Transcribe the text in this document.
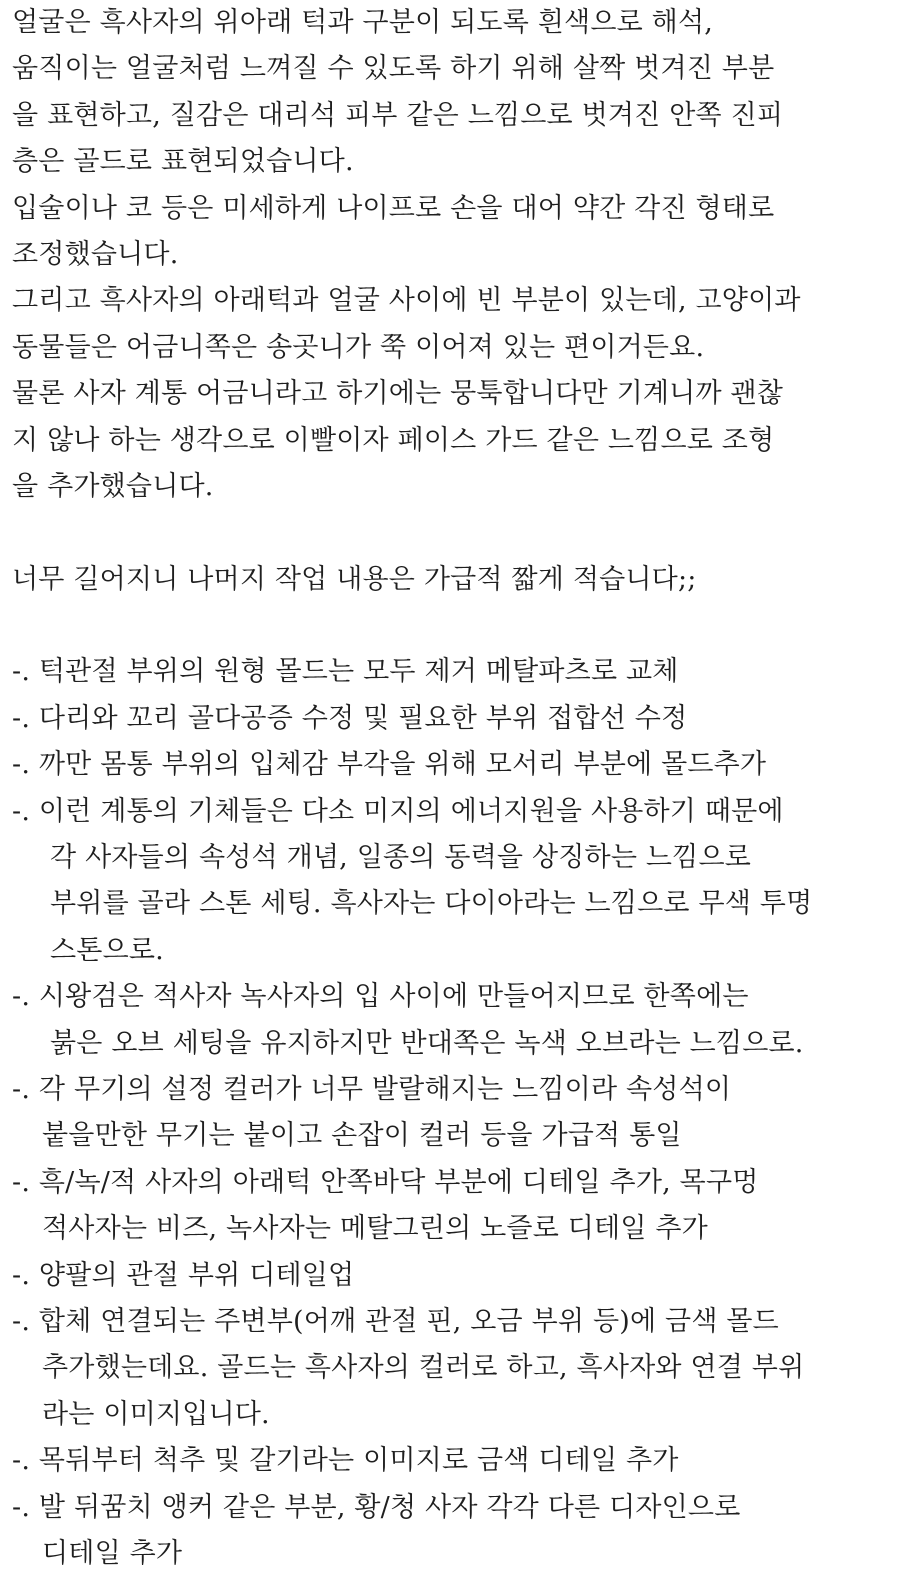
얼굴은 흑사자의 위아래 턱과 구분이 되도록 흰색으로 해석,
움직이는 얼굴처럼 느껴질 수 있도록 하기 위해 살짝 벗겨진 부분
을 표현하고, 질감은 대리석 피부 같은 느낌으로 벗겨진 안쪽 진피
층은 골드로 표현되었습니다.
입술이나 코 등은 미세하게 나이프로 손을 대어 약간 각진 형태로
조정했습니다.
그리고 흑사자의 아래턱과 얼굴 사이에 빈 부분이 있는데, 고양이과
동물들은 어금니쪽은 송곳니가 쭉 이어져 있는 편이거든요.
물론 사자 계통 어금니라고 하기에는 뭉툭합니다만 기계니까 괜찮
지 않나 하는 생각으로 이빨이자 페이스 가드 같은 느낌으로 조형
을 추가했습니다.
너무 길어지니 나머지 작업 내용은 가급적 짧게 적습니다;;
-. 턱관절 부위의 원형 몰드는 모두 제거 메탈파츠로 교체
-. 다리와 꼬리 골다공증 수정 및 필요한 부위 접합선 수정
-. 까만 몸통 부위의 입체감 부각을 위해 모서리 부분에 몰드추가
-. 이런 계통의 기체들은 다소 미지의 에너지원을 사용하기 때문에
각 사자들의 속성석 개념, 일종의 동력을 상징하는 느낌으로
부위를 골라 스톤 세팅. 흑사자는 다이아라는 느낌으로 무색 투명
스톤으로.
-. 시왕검은 적사자 녹사자의 입 사이에 만들어지므로 한쪽에는
붉은 오브 세팅을 유지하지만 반대쪽은 녹색 오브라는 느낌으로.
-. 각 무기의 설정 컬러가 너무 발랄해지는 느낌이라 속성석이
붙을만한 무기는 붙이고 손잡이 컬러 등을 가급적 통일
-. 흑/녹/적 사자의 아래턱 안쪽바닥 부분에 디테일 추가, 목구멍
적사자는 비즈, 녹사자는 메탈그린의 노즐로 디테일 추가
-. 양팔의 관절 부위 디테일업
-. 합체 연결되는 주변부(어깨 관절 핀, 오금 부위 등)에 금색 몰드
추가했는데요. 골드는 흑사자의 컬러로 하고, 흑사자와 연결 부위
라는 이미지입니다.
-. 목뒤부터 척추 및 갈기라는 이미지로 금색 디테일 추가
-. 발 뒤꿈치 앵커 같은 부분, 황/청 사자 각각 다른 디자인으로
디테일 추가
